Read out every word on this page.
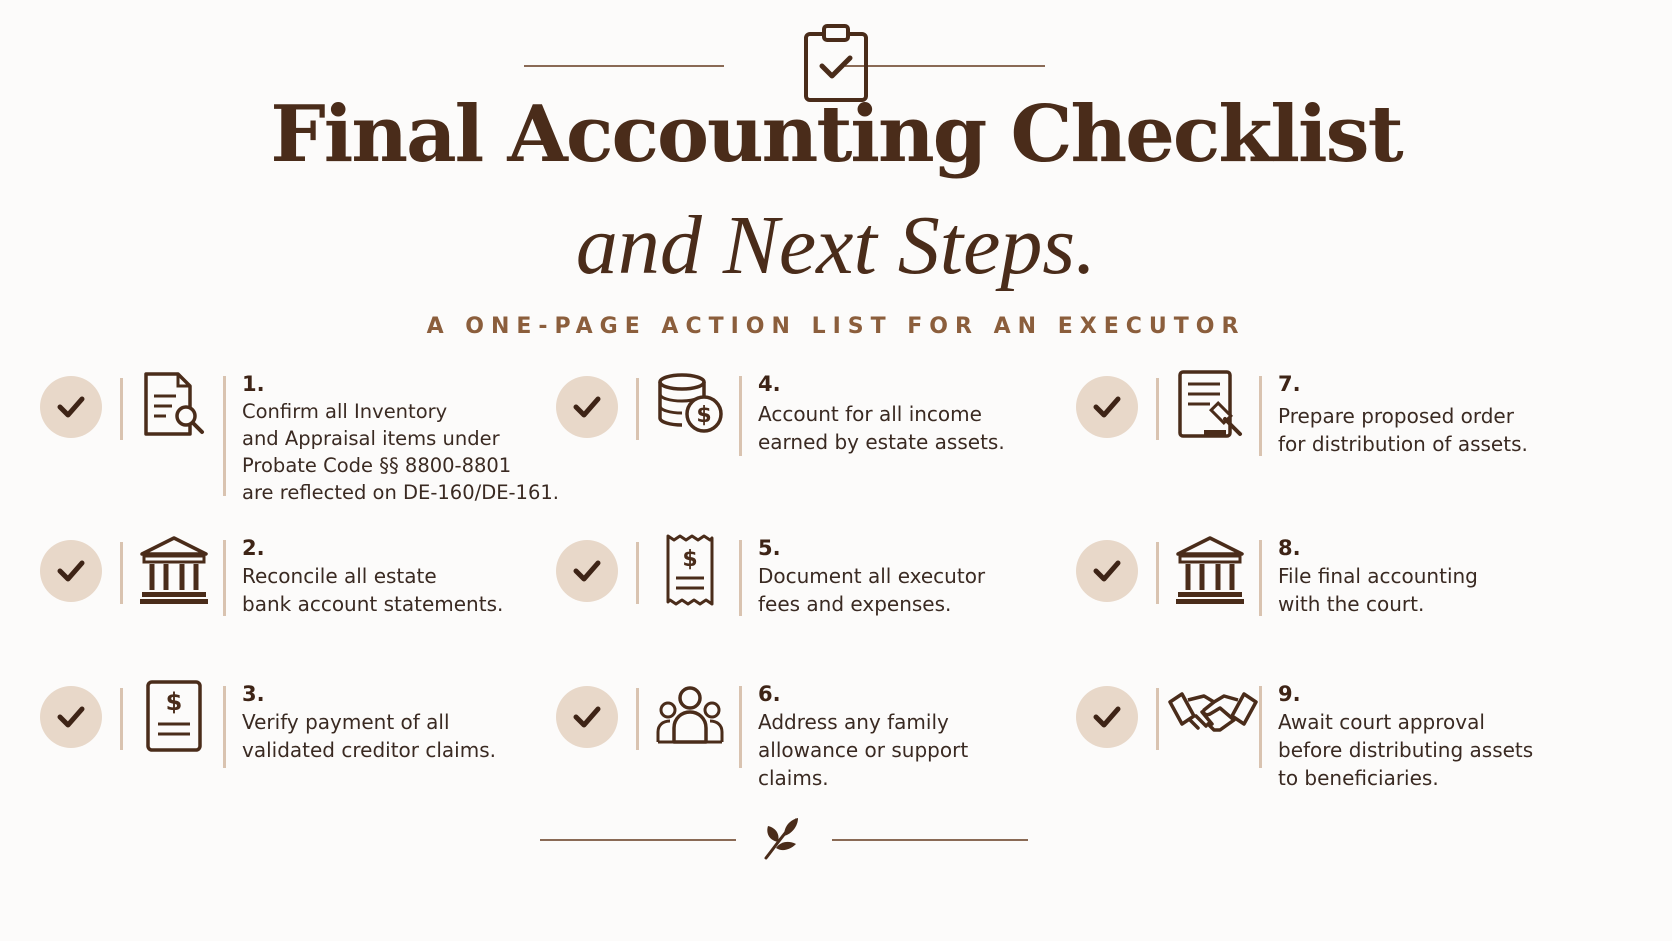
Final Accounting Checklist
and Next Steps.
A ONE-PAGE ACTION LIST FOR AN EXECUTOR
1.
Confirm all Inventory
and Appraisal items under
Probate Code §§ 8800-8801
are reflected on DE-160/DE-161.
2.
Reconcile all estate
bank account statements.
$	3.
Verify payment of all
validated creditor claims.
$
4.
Account for all income
earned by estate assets.
$	5.
Document all executor
fees and expenses.
6.
Address any family
allowance or support
claims.
7.
Prepare proposed order
for distribution of assets.
8.
File final accounting
with the court.
9.
Await court approval
before distributing assets
to beneficiaries.
